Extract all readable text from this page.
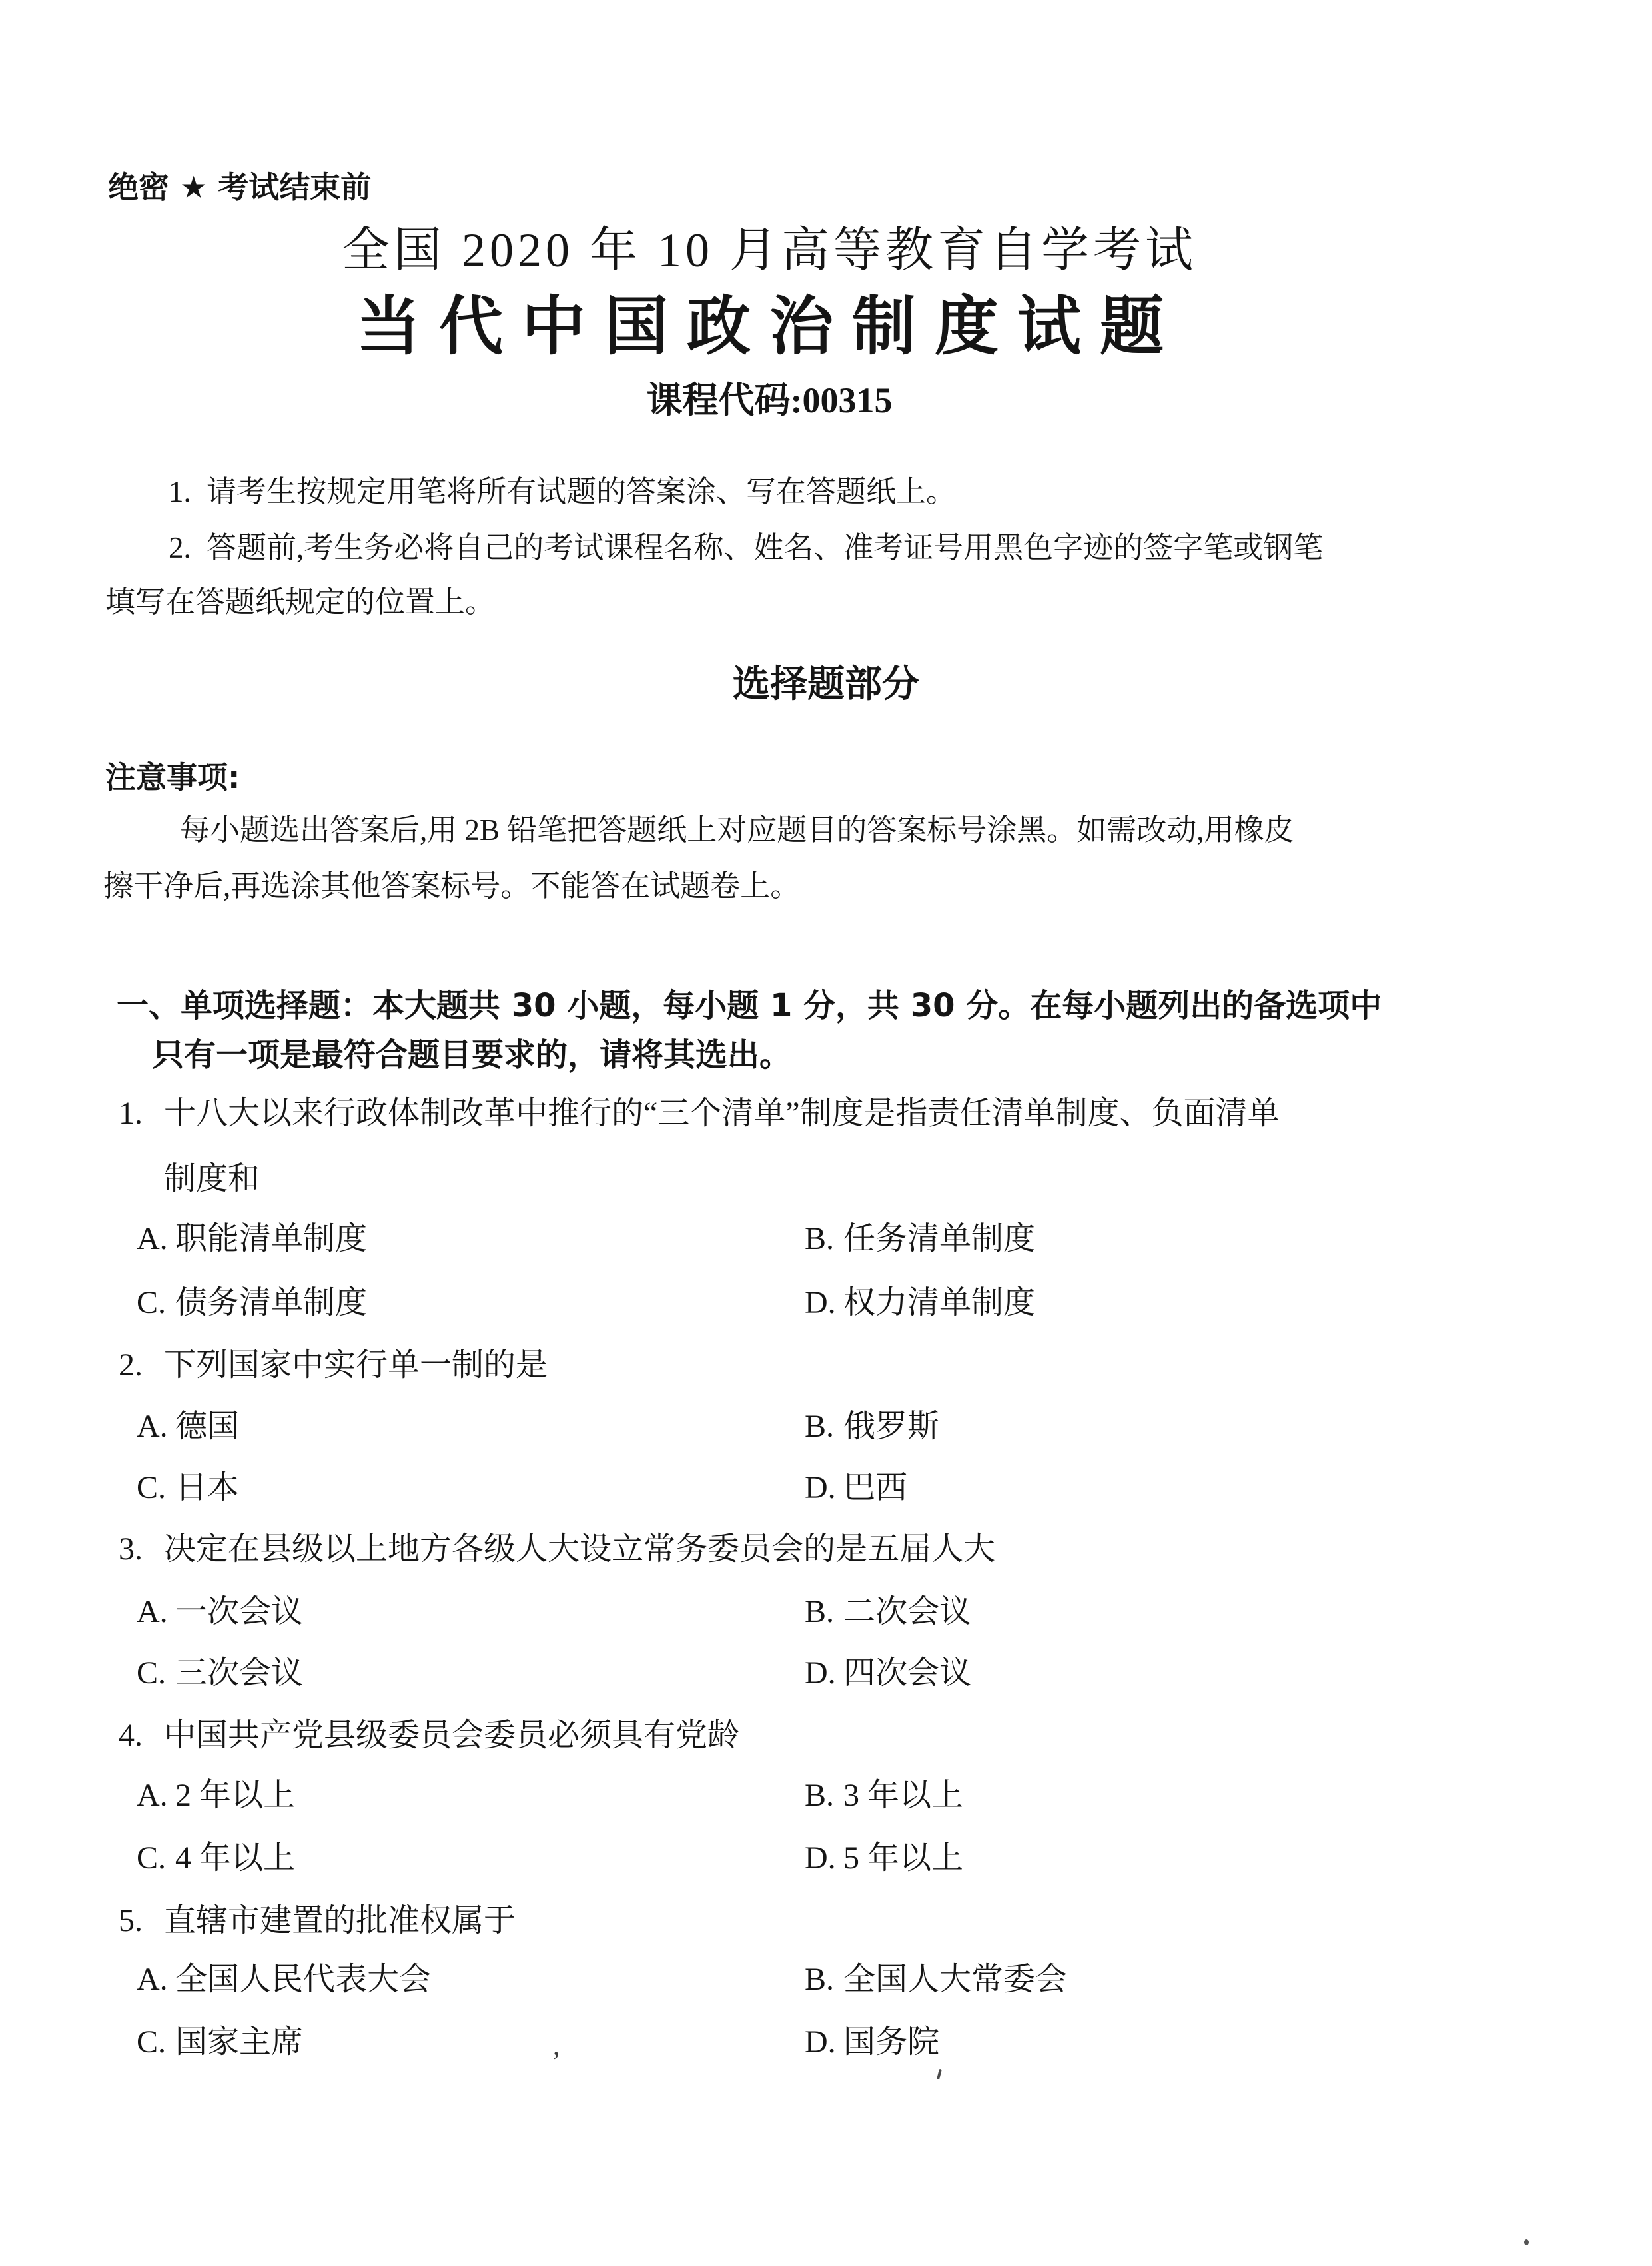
绝密 ★ 考试结束前
全国 2020 年 10 月高等教育自学考试
当代中国政治制度试题
课程代码:00315
1. 请考生按规定用笔将所有试题的答案涂、写在答题纸上。
2. 答题前,考生务必将自己的考试课程名称、姓名、准考证号用黑色字迹的签字笔或钢笔
填写在答题纸规定的位置上。
选择题部分
注意事项:
每小题选出答案后,用 2B 铅笔把答题纸上对应题目的答案标号涂黑。如需改动,用橡皮
擦干净后,再选涂其他答案标号。不能答在试题卷上。
一、单项选择题：本大题共 30 小题，每小题 1 分，共 30 分。在每小题列出的备选项中
只有一项是最符合题目要求的，请将其选出。
1. 十八大以来行政体制改革中推行的“三个清单”制度是指责任清单制度、负面清单
制度和
A. 职能清单制度	B. 任务清单制度
C. 债务清单制度	D. 权力清单制度
2. 下列国家中实行单一制的是
A. 德国	B. 俄罗斯
C. 日本	D. 巴西
3. 决定在县级以上地方各级人大设立常务委员会的是五届人大
A. 一次会议	B. 二次会议
C. 三次会议	D. 四次会议
4. 中国共产党县级委员会委员必须具有党龄
A. 2 年以上	B. 3 年以上
C. 4 年以上	D. 5 年以上
5. 直辖市建置的批准权属于
A. 全国人民代表大会	B. 全国人大常委会
C. 国家主席	D. 国务院
,
